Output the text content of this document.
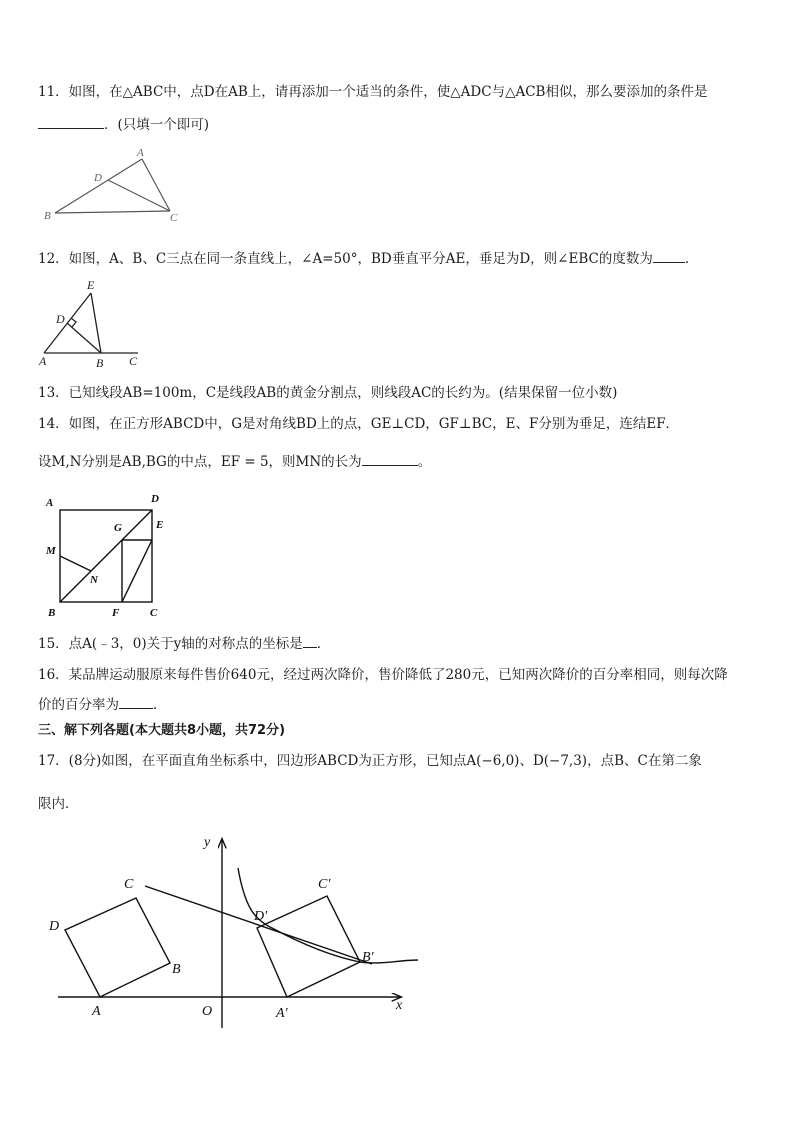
11．如图，在△ABC中，点D在AB上，请再添加一个适当的条件，使△ADC与△ACB相似，那么要添加的条件是
．(只填一个即可)
A
B	C
D
12．如图，A、B、C三点在同一条直线上，∠A=50°，BD垂直平分AE，垂足为D，则∠EBC的度数为 .
E
D
A	B C
13．已知线段AB=100m，C是线段AB的黄金分割点，则线段AC的长约为。(结果保留一位小数)
14．如图，在正方形ABCD中，G是对角线BD上的点，GE⊥CD，GF⊥BC，E、F分别为垂足，连结EF．
设M,N分别是AB,BG的中点，EF = 5，则MN的长为	。
A	D
M
G	E
N
B	F	C
15．点A(﹣3，0)关于y轴的对称点的坐标是 ．
16．某品牌运动服原来每件售价640元，经过两次降价，售价降低了280元，已知两次降价的百分率相同，则每次降
价的百分率为	．
三、解下列各题(本大题共8小题，共72分)
17．(8分)如图，在平面直角坐标系中，四边形ABCD为正方形，已知点A(−6,0)、D(−7,3)，点B、C在第二象
限内．
y
x
O
A
B
C
D
A′
B′
C′
D′
